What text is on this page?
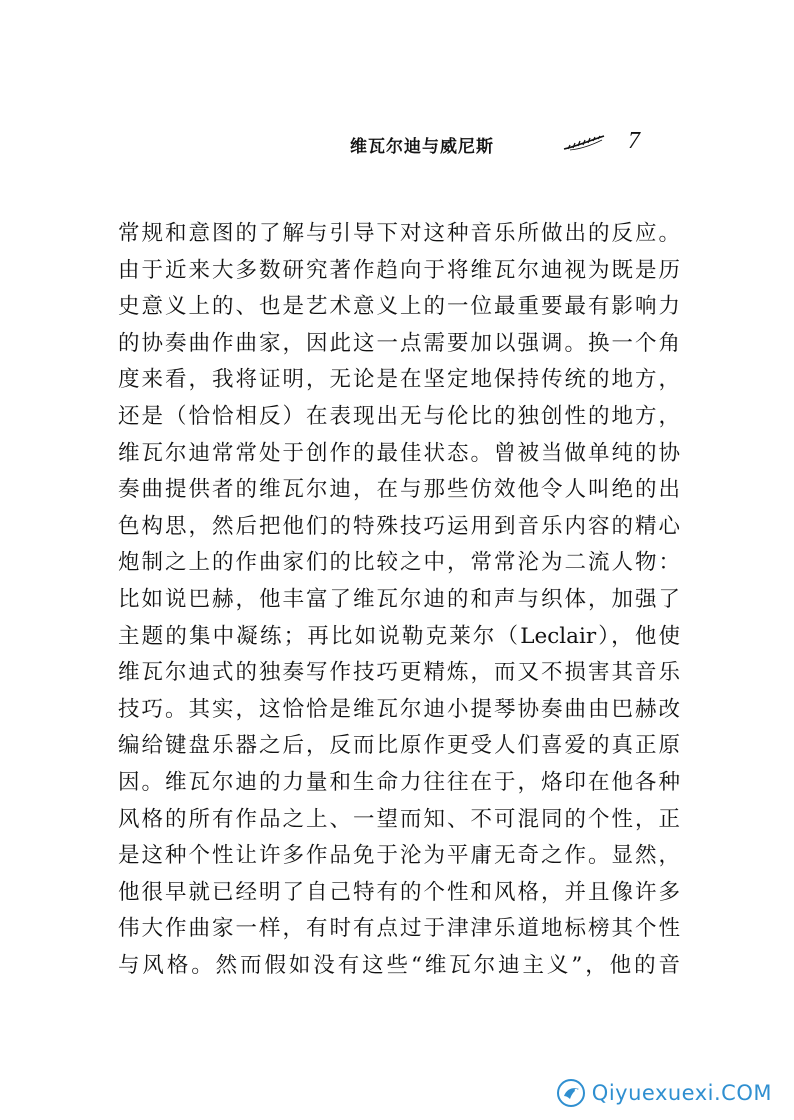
维瓦尔迪与威尼斯	7
常规和意图的了解与引导下对这种音乐所做出的反应。
由于近来大多数研究著作趋向于将维瓦尔迪视为既是历
史意义上的、也是艺术意义上的一位最重要最有影响力
的协奏曲作曲家，因此这一点需要加以强调。换一个角
度来看，我将证明，无论是在坚定地保持传统的地方，
还是（恰恰相反）在表现出无与伦比的独创性的地方，
维瓦尔迪常常处于创作的最佳状态。曾被当做单纯的协
奏曲提供者的维瓦尔迪，在与那些仿效他令人叫绝的出
色构思，然后把他们的特殊技巧运用到音乐内容的精心
炮制之上的作曲家们的比较之中，常常沦为二流人物：
比如说巴赫，他丰富了维瓦尔迪的和声与织体，加强了
主题的集中凝练；再比如说勒克莱尔（Leclair），他使
维瓦尔迪式的独奏写作技巧更精炼，而又不损害其音乐
技巧。其实，这恰恰是维瓦尔迪小提琴协奏曲由巴赫改
编给键盘乐器之后，反而比原作更受人们喜爱的真正原
因。维瓦尔迪的力量和生命力往往在于，烙印在他各种
风格的所有作品之上、一望而知、不可混同的个性，正
是这种个性让许多作品免于沦为平庸无奇之作。显然，
他很早就已经明了自己特有的个性和风格，并且像许多
伟大作曲家一样，有时有点过于津津乐道地标榜其个性
与风格。然而假如没有这些“维瓦尔迪主义”，他的音
Qiyuexuexi.COM
